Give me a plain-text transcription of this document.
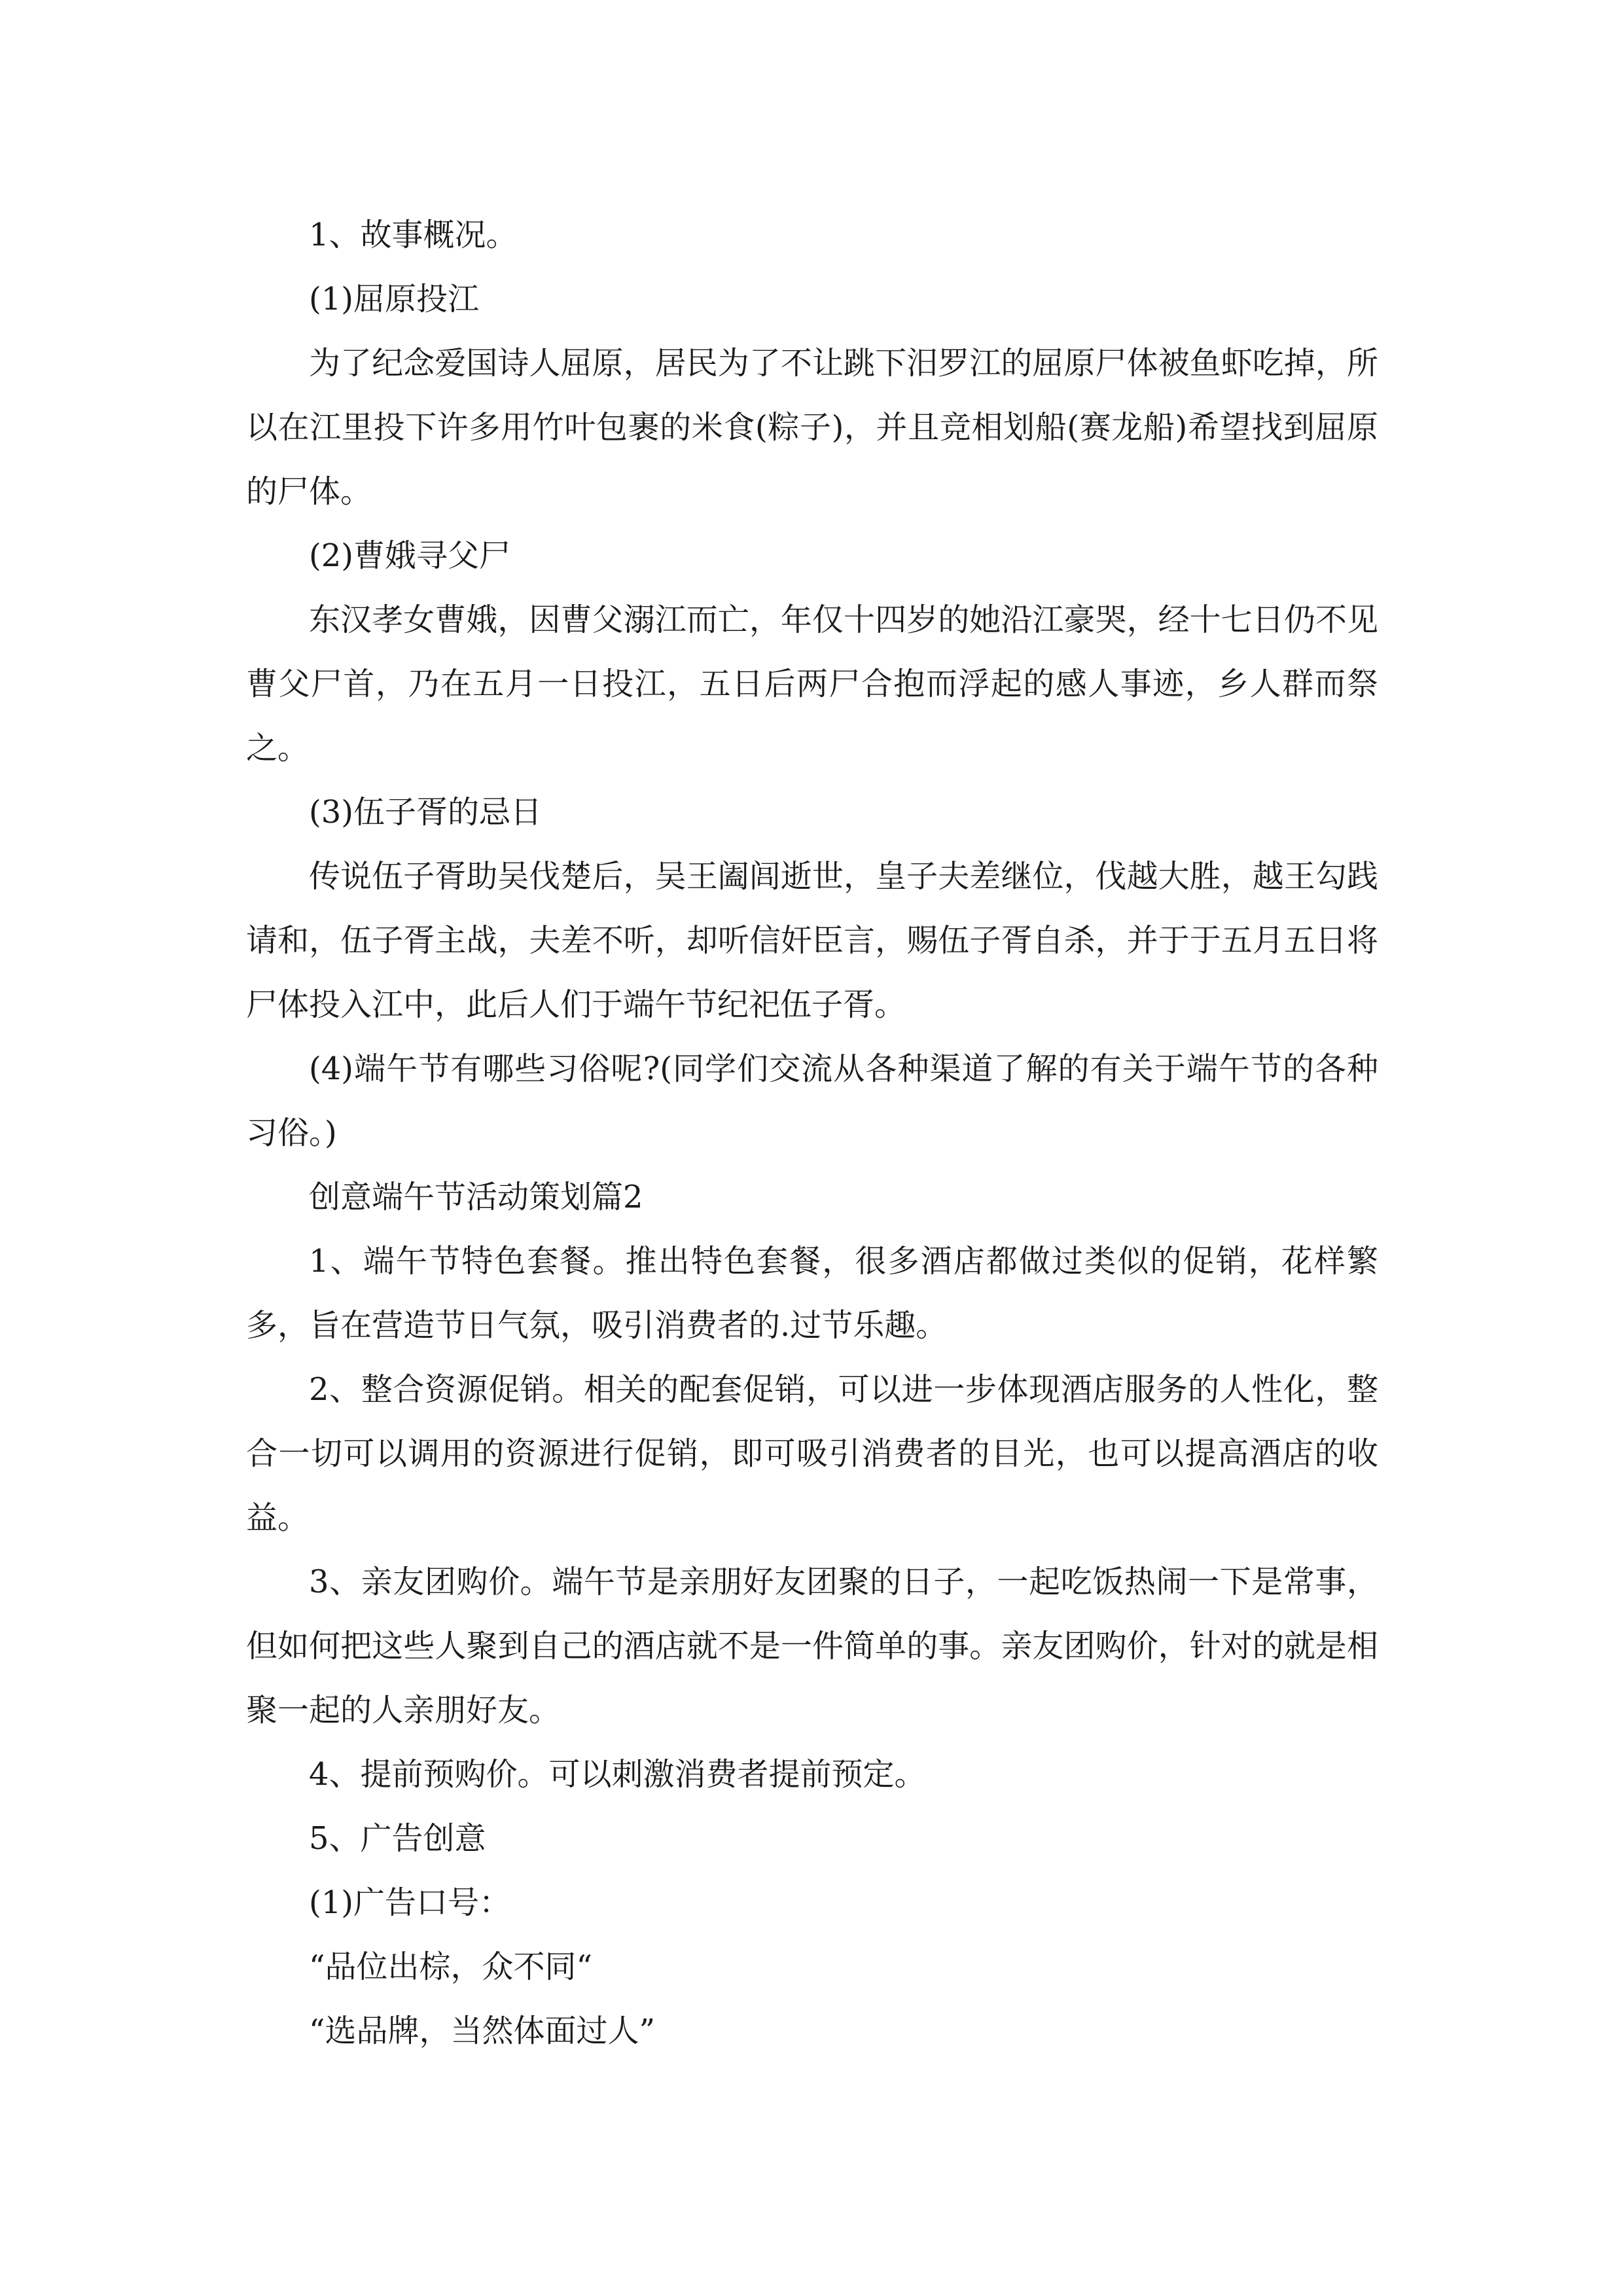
1、故事概况。

(1)屈原投江

为了纪念爱国诗人屈原，居民为了不让跳下汨罗江的屈原尸体被鱼虾吃掉，所以在江里投下许多用竹叶包裹的米食(粽子)，并且竞相划船(赛龙船)希望找到屈原的尸体。

(2)曹娥寻父尸

东汉孝女曹娥，因曹父溺江而亡，年仅十四岁的她沿江豪哭，经十七日仍不见曹父尸首，乃在五月一日投江，五日后两尸合抱而浮起的感人事迹，乡人群而祭之。

(3)伍子胥的忌日

传说伍子胥助吴伐楚后，吴王阖闾逝世，皇子夫差继位，伐越大胜，越王勾践请和，伍子胥主战，夫差不听，却听信奸臣言，赐伍子胥自杀，并于于五月五日将尸体投入江中，此后人们于端午节纪祀伍子胥。

(4)端午节有哪些习俗呢?(同学们交流从各种渠道了解的有关于端午节的各种习俗。)

创意端午节活动策划篇2

1、端午节特色套餐。推出特色套餐，很多酒店都做过类似的促销，花样繁多，旨在营造节日气氛，吸引消费者的.过节乐趣。

2、整合资源促销。相关的配套促销，可以进一步体现酒店服务的人性化，整合一切可以调用的资源进行促销，即可吸引消费者的目光，也可以提高酒店的收益。

3、亲友团购价。端午节是亲朋好友团聚的日子，一起吃饭热闹一下是常事，但如何把这些人聚到自己的酒店就不是一件简单的事。亲友团购价，针对的就是相聚一起的人亲朋好友。

4、提前预购价。可以刺激消费者提前预定。

5、广告创意

(1)广告口号：

“品位出棕，众不同“

“选品牌，当然体面过人”
